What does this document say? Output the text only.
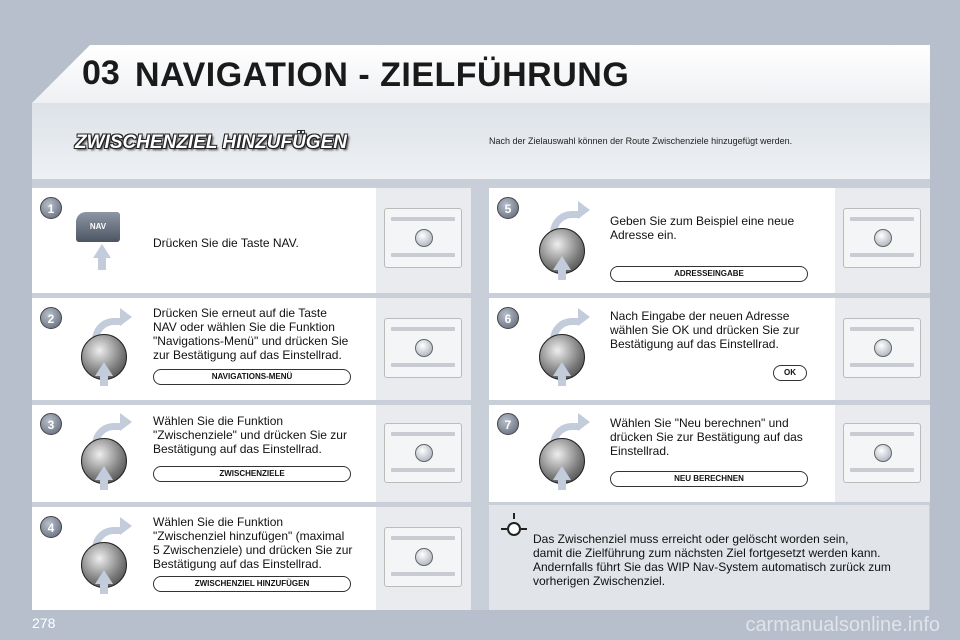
03 NAVIGATION - ZIELFÜHRUNG
ZWISCHENZIEL HINZUFÜGEN	Nach der Zielauswahl können der Route Zwischenziele hinzugefügt werden.
1
NAV
Drücken Sie die Taste NAV.
2	Drücken Sie erneut auf die Taste
NAV oder wählen Sie die Funktion
"Navigations-Menü" und drücken Sie
zur Bestätigung auf das Einstellrad.
NAVIGATIONS-MENÜ
3	Wählen Sie die Funktion
"Zwischenziele" und drücken Sie zur
Bestätigung auf das Einstellrad.
ZWISCHENZIELE
4	Wählen Sie die Funktion
"Zwischenziel hinzufügen" (maximal
5 Zwischenziele) und drücken Sie zur
Bestätigung auf das Einstellrad.
ZWISCHENZIEL HINZUFÜGEN
5
Geben Sie zum Beispiel eine neue
Adresse ein.
ADRESSEINGABE
6	Nach Eingabe der neuen Adresse
wählen Sie OK und drücken Sie zur
Bestätigung auf das Einstellrad.
OK
7	Wählen Sie "Neu berechnen" und
drücken Sie zur Bestätigung auf das
Einstellrad.
NEU BERECHNEN
Das Zwischenziel muss erreicht oder gelöscht worden sein,
damit die Zielführung zum nächsten Ziel fortgesetzt werden kann.
Andernfalls führt Sie das WIP Nav-System automatisch zurück zum
vorherigen Zwischenziel.
278	carmanualsonline.info
